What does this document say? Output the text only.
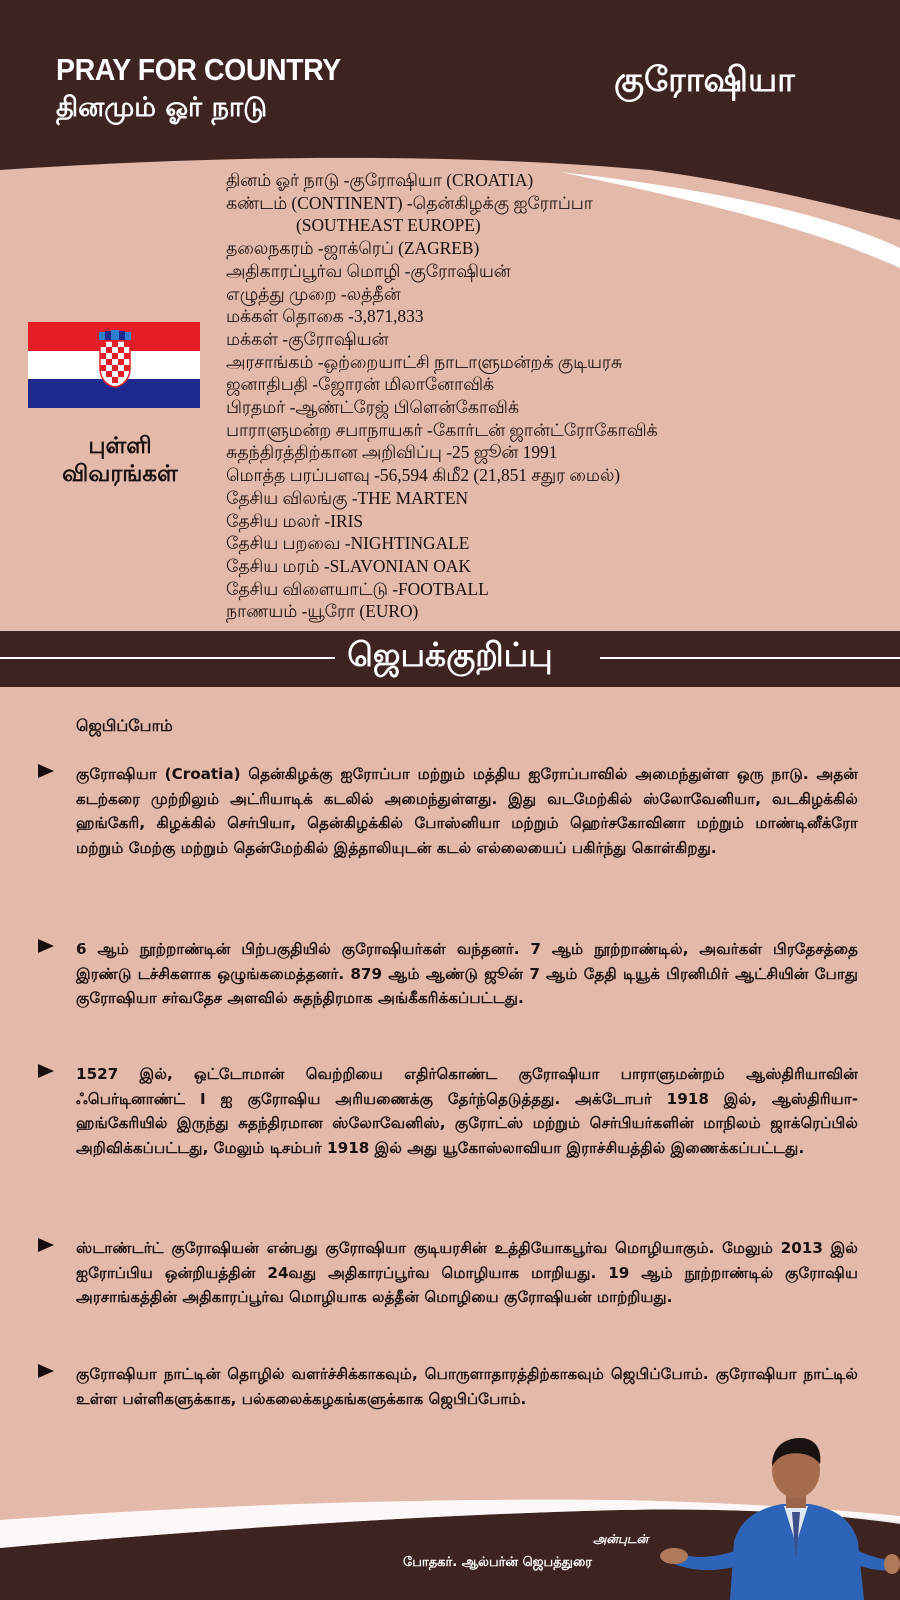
PRAY FOR COUNTRY
தினமும் ஓர் நாடு
குரோஷியா
தினம் ஓர் நாடு -குரோஷியா (CROATIA)
கண்டம் (CONTINENT) -தென்கிழக்கு ஐரோப்பா
(SOUTHEAST EUROPE)
தலைநகரம் -ஜாக்ரெப் (ZAGREB)
அதிகாரப்பூர்வ மொழி -குரோஷியன்
எழுத்து முறை -லத்தீன்
மக்கள் தொகை -3,871,833
மக்கள் -குரோஷியன்
அரசாங்கம் -ஒற்றையாட்சி நாடாளுமன்றக் குடியரசு
ஜனாதிபதி -ஜோரன் மிலானோவிக்
பிரதமர் -ஆண்ட்ரேஜ் பிளென்கோவிக்
பாராளுமன்ற சபாநாயகர் -கோர்டன் ஜான்ட்ரோகோவிக்
சுதந்திரத்திற்கான அறிவிப்பு -25 ஜூன் 1991
மொத்த பரப்பளவு -56,594 கிமீ2 (21,851 சதுர மைல்)
தேசிய விலங்கு -THE MARTEN
தேசிய மலர் -IRIS
தேசிய பறவை -NIGHTINGALE
தேசிய மரம் -SLAVONIAN OAK
தேசிய விளையாட்டு -FOOTBALL
நாணயம் -யூரோ (EURO)
புள்ளி
விவரங்கள்
ஜெபக்குறிப்பு
ஜெபிப்போம்
குரோஷியா (Croatia) தென்கிழக்கு ஐரோப்பா மற்றும் மத்திய ஐரோப்பாவில் அமைந்துள்ள ஒரு நாடு. அதன் கடற்கரை முற்றிலும் அட்ரியாடிக் கடலில் அமைந்துள்ளது. இது வடமேற்கில் ஸ்லோவேனியா, வடகிழக்கில் ஹங்கேரி, கிழக்கில் செர்பியா, தென்கிழக்கில் போஸ்னியா மற்றும் ஹெர்சகோவினா மற்றும் மாண்டினீக்ரோ மற்றும் மேற்கு மற்றும் தென்மேற்கில் இத்தாலியுடன் கடல் எல்லையைப் பகிர்ந்து கொள்கிறது.
6 ஆம் நூற்றாண்டின் பிற்பகுதியில் குரோஷியர்கள் வந்தனர். 7 ஆம் நூற்றாண்டில், அவர்கள் பிரதேசத்தை இரண்டு டச்சிகளாக ஒழுங்கமைத்தனர். 879 ஆம் ஆண்டு ஜூன் 7 ஆம் தேதி டியூக் பிரனிமிர் ஆட்சியின் போது குரோஷியா சர்வதேச அளவில் சுதந்திரமாக அங்கீகரிக்கப்பட்டது.
1527 இல், ஒட்டோமான் வெற்றியை எதிர்கொண்ட குரோஷியா பாராளுமன்றம் ஆஸ்திரியாவின் ஃபெர்டினாண்ட் I ஐ குரோஷிய அரியணைக்கு தேர்ந்தெடுத்தது. அக்டோபர் 1918 இல், ஆஸ்திரியா-ஹங்கேரியில் இருந்து சுதந்திரமான ஸ்லோவேனிஸ், குரோட்ஸ் மற்றும் செர்பியர்களின் மாநிலம் ஜாக்ரெப்பில் அறிவிக்கப்பட்டது, மேலும் டிசம்பர் 1918 இல் அது யூகோஸ்லாவியா இராச்சியத்தில் இணைக்கப்பட்டது.
ஸ்டாண்டர்ட் குரோஷியன் என்பது குரோஷியா குடியரசின் உத்தியோகபூர்வ மொழியாகும். மேலும் 2013 இல் ஐரோப்பிய ஒன்றியத்தின் 24வது அதிகாரப்பூர்வ மொழியாக மாறியது. 19 ஆம் நூற்றாண்டில் குரோஷிய அரசாங்கத்தின் அதிகாரப்பூர்வ மொழியாக லத்தீன் மொழியை குரோஷியன் மாற்றியது.
குரோஷியா நாட்டின் தொழில் வளர்ச்சிக்காகவும், பொருளாதாரத்திற்காகவும் ஜெபிப்போம். குரோஷியா நாட்டில் உள்ள பள்ளிகளுக்காக, பல்கலைக்கழகங்களுக்காக ஜெபிப்போம்.
அன்புடன்
போதகர். ஆல்பர்ன் ஜெபத்துரை
